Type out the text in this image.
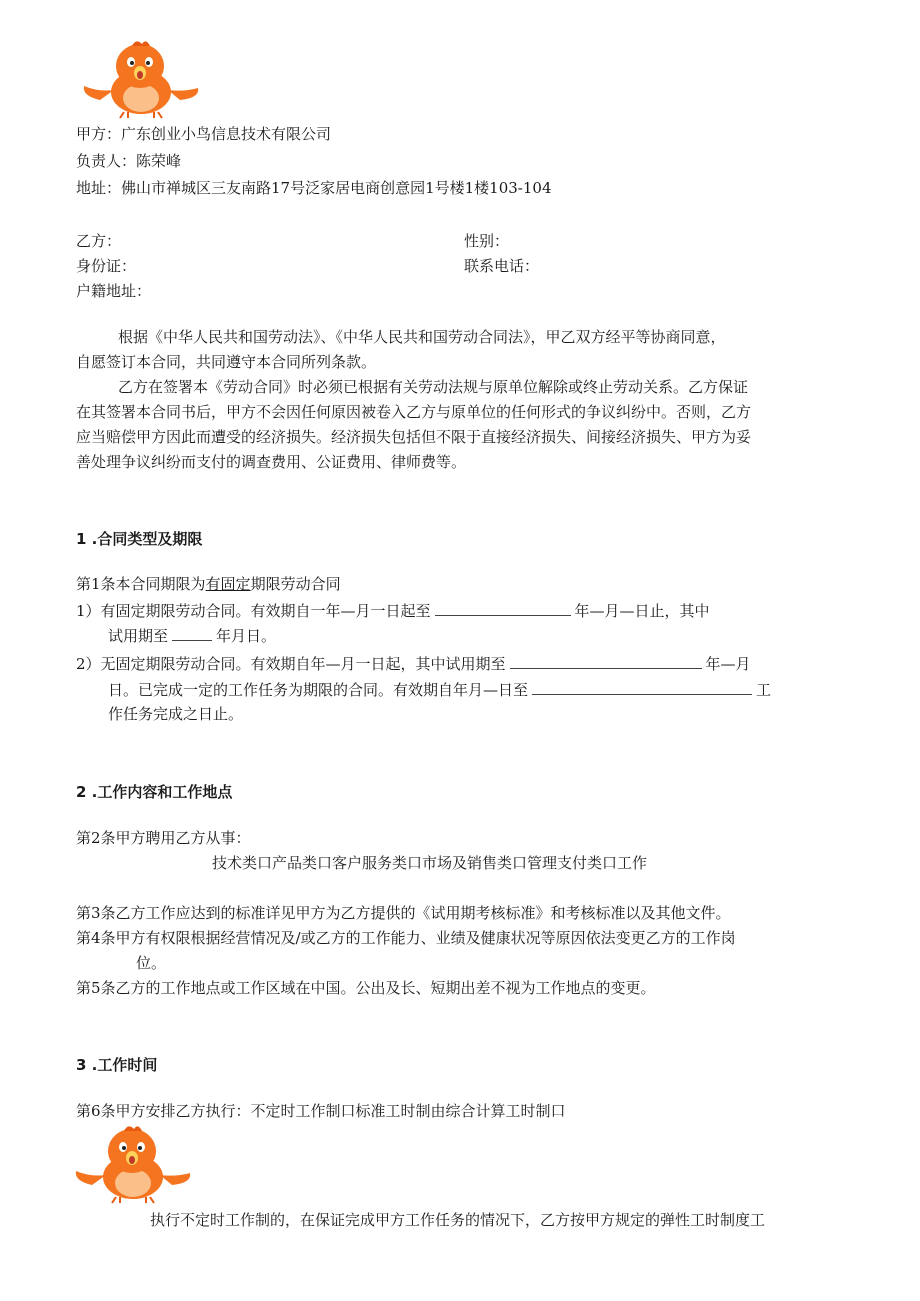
甲方：广东创业小鸟信息技术有限公司
负责人：陈荣峰
地址：佛山市禅城区三友南路17号泛家居电商创意园1号楼1楼103-104
乙方：	性别：
身份证：	联系电话：
户籍地址：
根据《中华人民共和国劳动法》、《中华人民共和国劳动合同法》，甲乙双方经平等协商同意，
自愿签订本合同，共同遵守本合同所列条款。
乙方在签署本《劳动合同》时必须已根据有关劳动法规与原单位解除或终止劳动关系。乙方保证
在其签署本合同书后，甲方不会因任何原因被卷入乙方与原单位的任何形式的争议纠纷中。否则，乙方
应当赔偿甲方因此而遭受的经济损失。经济损失包括但不限于直接经济损失、间接经济损失、甲方为妥
善处理争议纠纷而支付的调查费用、公证费用、律师费等。
1 .合同类型及期限
第1条本合同期限为有固定期限劳动合同
1）有固定期限劳动合同。有效期自一年—月一日起至	年—月—日止，其中
试用期至	年月日。
2）无固定期限劳动合同。有效期自年—月一日起，其中试用期至	年—月
日。已完成一定的工作任务为期限的合同。有效期自年月—日至	工
作任务完成之日止。
2 .工作内容和工作地点
第2条甲方聘用乙方从事：
技术类口产品类口客户服务类口市场及销售类口管理支付类口工作
第3条乙方工作应达到的标准详见甲方为乙方提供的《试用期考核标准》和考核标准以及其他文件。
第4条甲方有权限根据经营情况及/或乙方的工作能力、业绩及健康状况等原因依法变更乙方的工作岗
位。
第5条乙方的工作地点或工作区域在中国。公出及长、短期出差不视为工作地点的变更。
3 .工作时间
第6条甲方安排乙方执行：不定时工作制口标准工时制由综合计算工时制口
执行不定时工作制的，在保证完成甲方工作任务的情况下，乙方按甲方规定的弹性工时制度工
